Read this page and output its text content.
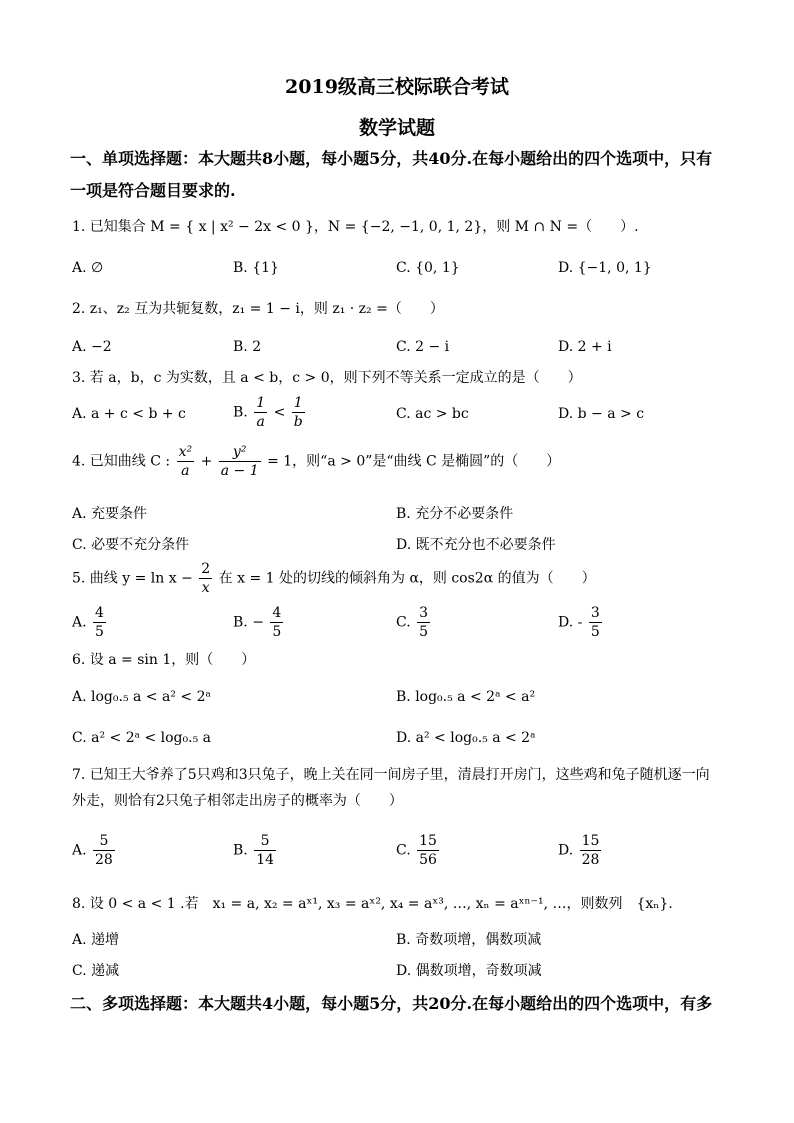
2019级高三校际联合考试
数学试题
一、单项选择题：本大题共8小题，每小题5分，共40分.在每小题给出的四个选项中，只有
一项是符合题目要求的.
1. 已知集合 M = { x | x² − 2x < 0 }，N = {−2, −1, 0, 1, 2}，则 M ∩ N =（　　）.
A. ∅	B. {1}	C. {0, 1}	D. {−1, 0, 1}
2. z₁、z₂ 互为共轭复数，z₁ = 1 − i，则 z₁ · z₂ =（　　）
A. −2	B. 2	C. 2 − i	D. 2 + i
3. 若 a，b，c 为实数，且 a < b，c > 0，则下列不等关系一定成立的是（　　）
A. a + c < b + c	B. $\frac{1}{a} < \frac{1}{b}$	C. ac > bc	D. b − a > c
4. 已知曲线 C : $\frac{\text{x²}}{a} + \frac{\text{y²}}{a - 1} = 1$，则“a > 0”是“曲线 C 是椭圆”的（　　）
A. 充要条件	B. 充分不必要条件
C. 必要不充分条件	D. 既不充分也不必要条件
5. 曲线 $y = \ln x - \frac{2}{x}$ 在 x = 1 处的切线的倾斜角为 α，则 cos2α 的值为（　　）
A. $\frac{4}{5}$	B. − $\frac{4}{5}$	C. $\frac{3}{5}$	D. - $\frac{3}{5}$
6. 设 a = sin 1，则（　　）
A. log₀.₅ a < a² < 2ᵃ	B. log₀.₅ a < 2ᵃ < a²
C. a² < 2ᵃ < log₀.₅ a	D. a² < log₀.₅ a < 2ᵃ
7. 已知王大爷养了5只鸡和3只兔子，晚上关在同一间房子里，清晨打开房门，这些鸡和兔子随机逐一向外走，则恰有2只兔子相邻走出房子的概率为（　　）
A. $\frac{5}{28}$	B. $\frac{5}{14}$	C. $\frac{15}{56}$	D. $\frac{15}{28}$
8. 设 0 < a < 1 .若　x₁ = a, x₂ = aˣ¹, x₃ = aˣ², x₄ = aˣ³, …, xₙ = aˣⁿ⁻¹, …，则数列　{xₙ}.
A. 递增	B. 奇数项增，偶数项减
C. 递减	D. 偶数项增，奇数项减
二、多项选择题：本大题共4小题，每小题5分，共20分.在每小题给出的四个选项中，有多
